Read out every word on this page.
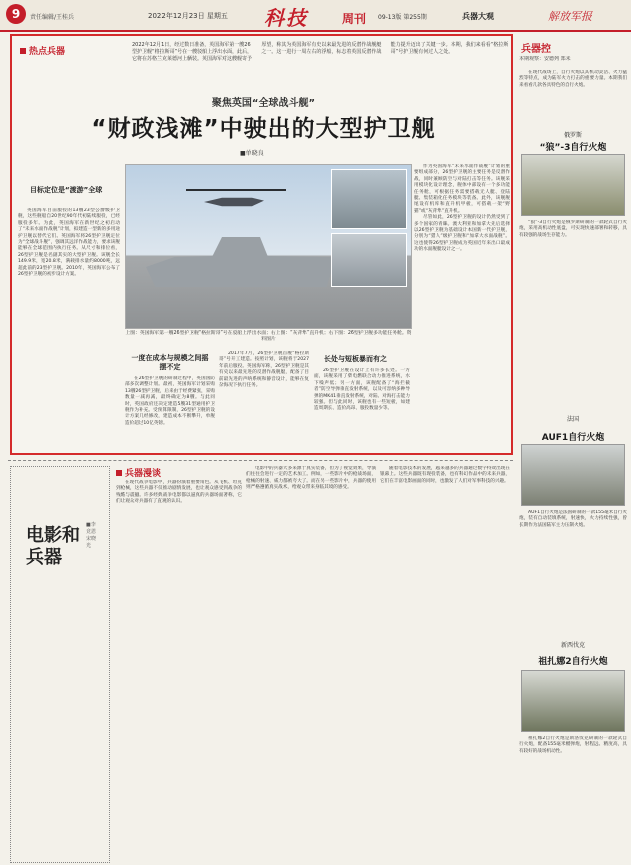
9	责任编辑/王桂兵	2022年12月23日 星期五 科技	周刊 09-13版 第255期	兵器大观	解放军报
热点兵器
2022年12月1日，经过数日准备，英国海军第一艘26型护卫舰“格拉斯哥”号在一艘驳船上浮出水面，此后，它将在苏格兰克莱德河上舾装。英国海军对这艘舰寄予厚望，称其为英国海军有史以来最先进的反潜作战舰艇之一。这一进行一周左右的浮船，标志着英国反潜作战能力提升迈出了关键一步。本期，我们来看看“格拉斯哥”号护卫舰有何过人之处。
聚焦英国“全球战斗舰”
“财政浅滩”中驶出的大型护卫舰
■单晓良
目标定位是“渡游”全球

英国海军目前服役的13艘23型公爵级护卫舰，这些舰船自20世纪90年代初陆续服役，已经服役多年。为此，英国海军在新世纪之初启动了“未来水面作战舰”计划，拟建造一型新的多用途护卫舰以替代它们。英国海军将26型护卫舰定位为“全球战斗舰”，强调其远洋作战能力，要求该舰能够在全球范围内执行任务。从尺寸和排位看，26型护卫舰是名副其实的大型护卫舰。该舰全长149.9米，宽20.8米，满载排水量约8000吨，远超此前的23型护卫舰。2010年，英国海军公布了26型护卫舰的初步设计方案。

上图：英国海军第一艘26型护卫舰“格拉斯哥”号在驳船上浮出水面；右上图：“灰背隼”直升机；右下图：26型护卫舰多功能任务舱。资料图片

作为英国海军“未来水面作战舰”计划的重要组成部分，26型护卫舰的主要任务是反潜作战，同时兼顾防空与对陆打击等任务。该舰采用模块化设计理念，舰体中部设有一个多功能任务舱，可根据任务需要搭载无人艇、登陆艇、集装箱化任务模块等装备。此外，该舰舰尾设有机库和直升机甲板，可搭载一架“野猫”或“灰背隼”直升机。

尽管如此，26型护卫舰的设计仍然受到了多个国家的青睐。澳大利亚和加拿大先后选择以26型护卫舰为基础设计本国新一代护卫舰，分别为“猎人”级护卫舰和“加拿大水面战舰”。这也使得26型护卫舰成为英国近年来出口最成功的水面舰艇设计之一。

一度在成本与规模之间摇摆不定

在26型护卫舰的研制过程中，英国国防部多次调整计划。最初，英国海军计划采购13艘26型护卫舰，后来由于经费紧张，采购数量一减再减，最终确定为8艘。与此同时，英国政府还决定建造5艘31型通用护卫舰作为补充。受预算限制，26型护卫舰的设计方案几经修改，建造成本不断攀升，单舰造价超过10亿英镑。

2017年7月，26型护卫舰首舰“格拉斯哥”号开工建造。按照计划，该舰将于2027年前后服役。英国海军称，26型护卫舰是其有史以来最先进的反潜作战舰艇，配备了目前最先进的声呐系统和静音设计，能够在复杂海况下执行任务。

长处与短板暴而有之

26型护卫舰在设计上有许多长处。一方面，该舰采用了柴电燃联合动力推进系统，水下噪声低；另一方面，该舰配备了“海拦截者”防空导弹垂直发射系统，以及可容纳多种导弹的MK41垂直发射系统，对陆、对海打击能力较强。但与此同时，该舰也有一些短板，如建造周期长、造价高昂、服役数量少等。

兵器控
本期观察：安德列 郑未

在现代战场上，自行火炮以其机动灵活、火力猛烈等特点，成为陆军火力打击的重要力量。本期我们来看看几款各具特色的自行火炮。

俄罗斯
“狼”-3自行火炮

“狼”-3自行火炮是俄罗斯研制的一款轮式自行火炮，采用高机动性底盘，可实现快速部署和转移，具有较强的战场生存能力。

法国
AUF1自行火炮

AUF1自行火炮是法国研制的一款155毫米自行火炮，装有自动装填系统，射速快，火力持续性强，曾长期作为法国陆军主力压制火炮。

新西伐克
祖扎娜2自行火炮

祖扎娜2自行火炮是斯洛伐克研制的一款轮式自行火炮，配备155毫米榴弹炮，射程远、精度高，具有较好的战场机动性。

电影和兵器
■李竞恩 宋晓光
兵器漫谈

在现代战争电影中，兵器扮演着重要角色。从飞机、坦克到枪械，这些兵器不仅推动剧情发展，也让观众感受到战争的残酷与震撼。许多经典战争电影都以逼真的兵器场面著称，它们让观众对兵器有了直观的认识。

电影中的兵器大多来源于真实装备，但为了视觉效果，导演们往往会进行一定的艺术加工。例如，一些影片中的枪战场面，枪械的射速、威力都被夸大了。而在另一些影片中，兵器的使用则严格遵循真实战术，给观众带来身临其境的感受。

随着电影技术的发展，越来越多的兵器通过数字特效出现在银幕上。这些兵器既有现役装备，也有科幻作品中的未来兵器，它们在丰富电影画面的同时，也激发了人们对军事科技的兴趣。
